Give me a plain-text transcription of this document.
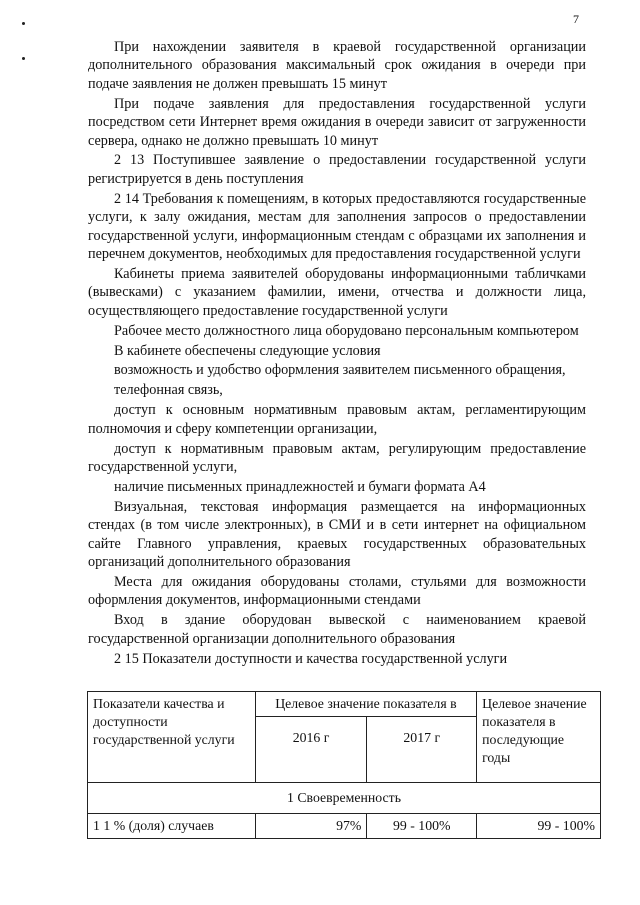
7

При нахождении заявителя в краевой государственной организации дополнительного образования максимальный срок ожидания в очереди при подаче заявления не должен превышать 15 минут

При подаче заявления для предоставления государственной услуги посредством сети Интернет время ожидания в очереди зависит от загруженности сервера, однако не должно превышать 10 минут

2 13 Поступившее заявление о предоставлении государственной услуги регистрируется в день поступления

2 14 Требования к помещениям, в которых предоставляются государственные услуги, к залу ожидания, местам для заполнения запросов о предоставлении государственной услуги, информационным стендам с образцами их заполнения и перечнем документов, необходимых для предоставления государственной услуги

Кабинеты приема заявителей оборудованы информационными табличками (вывесками) с указанием фамилии, имени, отчества и должности лица, осуществляющего предоставление государственной услуги

Рабочее место должностного лица оборудовано персональным компьютером

В кабинете обеспечены следующие условия

возможность и удобство оформления заявителем письменного обращения,

телефонная связь,

доступ к основным нормативным правовым актам, регламентирующим полномочия и сферу компетенции организации,

доступ к нормативным правовым актам, регулирующим предоставление государственной услуги,

наличие письменных принадлежностей и бумаги формата А4

Визуальная, текстовая информация размещается на информационных стендах (в том числе электронных), в СМИ и в сети интернет на официальном сайте Главного управления, краевых государственных образовательных организаций дополнительного образования

Места для ожидания оборудованы столами, стульями для возможности оформления документов, информационными стендами

Вход в здание оборудован вывеской с наименованием краевой государственной организации дополнительного образования

2 15 Показатели доступности и качества государственной услуги

Показатели качества и доступности государственной услуги	Целевое значение показателя в		Целевое значение показателя в последующие годы
	2016 г	2017 г	
1 Своевременность			
1 1 % (доля) случаев	97%	99 - 100%	99 - 100%
